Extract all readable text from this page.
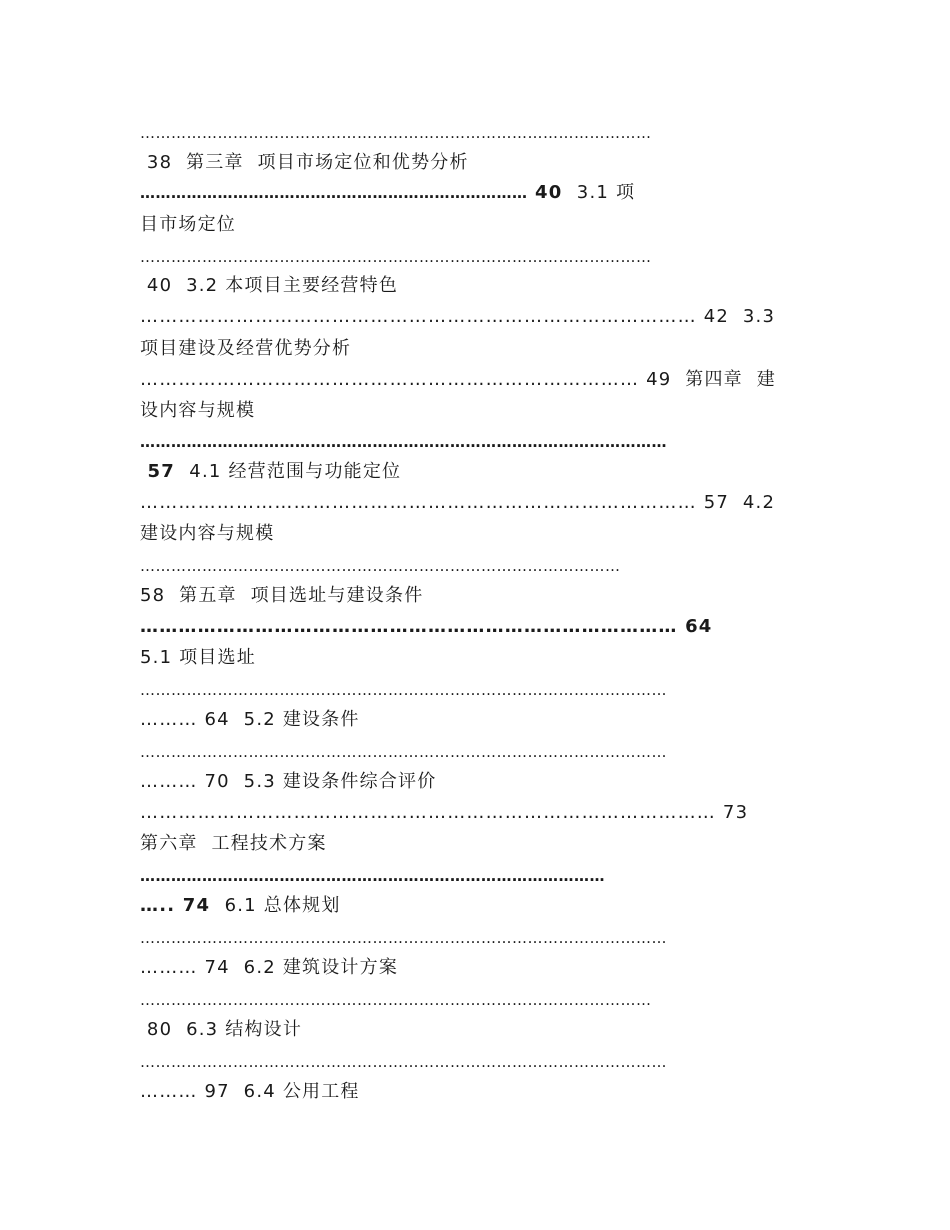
………………………………………………………………………………………
38  第三章  项目市场定位和优势分析
………………………………………………………………… 40  3.1 项
目市场定位
………………………………………………………………………………………
40  3.2 本项目主要经营特色
…………………………………………………………………………… 42  3.3
项目建设及经营优势分析
…………………………………………………………………… 49  第四章  建
设内容与规模
…………………………………………………………………………………………
57  4.1 经营范围与功能定位
…………………………………………………………………………… 57  4.2
建设内容与规模
…………………………………………………………………………………
58  第五章  项目选址与建设条件
………………………………………………………………………… 64
5.1 项目选址
…………………………………………………………………………………………
……… 64  5.2 建设条件
…………………………………………………………………………………………
……… 70  5.3 建设条件综合评价
……………………………………………………………………………… 73
第六章  工程技术方案
………………………………………………………………………………
….. 74  6.1 总体规划
…………………………………………………………………………………………
……… 74  6.2 建筑设计方案
………………………………………………………………………………………
80  6.3 结构设计
…………………………………………………………………………………………
……… 97  6.4 公用工程
